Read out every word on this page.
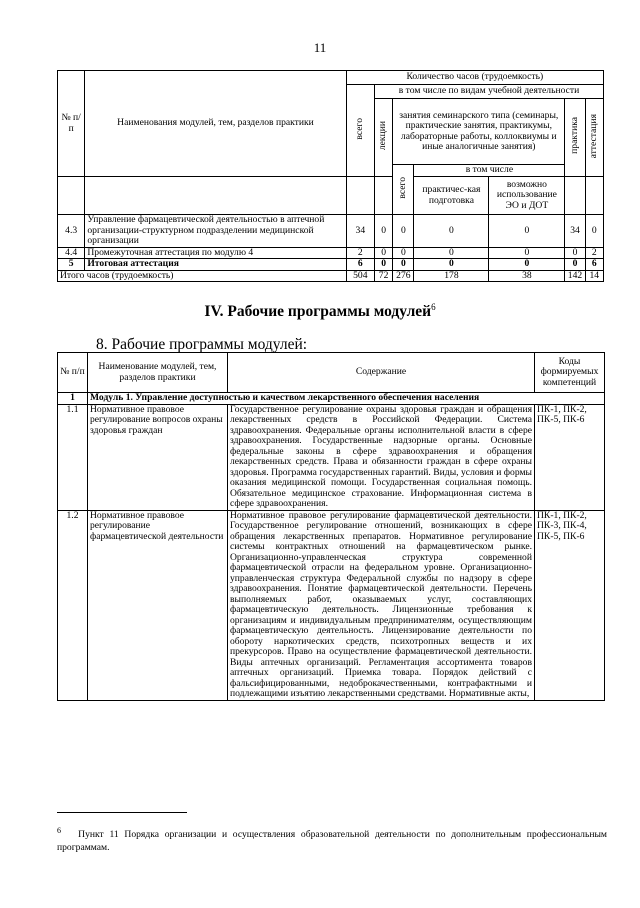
11
№ п/п	Наименования модулей, тем, разделов практики	Количество часов (трудоемкость)						
		всего	в том числе по видам учебной деятельности					
			лекции	занятия семинарского типа (семинары, практические занятия, практикумы, лабораторные работы, коллоквиумы и иные аналогичные занятия)			практика	аттестация
				всего	в том числе			
					практичес-кая подготовка	возможно использование ЭО и ДОТ		
4.3	Управление фармацевтической деятельностью в аптечной организации-структурном подразделении медицинской организации	34	0	0	0	0	34	0
4.4	Промежуточная аттестация по модулю 4	2	0	0	0	0	0	2
5	Итоговая аттестация	6	0	0	0	0	0	6
Итого часов (трудоемкость)		504	72	276	178	38	142	14
IV. Рабочие программы модулей$^6$
8. Рабочие программы модулей:
№ п/п	Наименование модулей, тем, разделов практики	Содержание	Коды формируемых компетенций
1	Модуль 1. Управление доступностью и качеством лекарственного обеспечения населения		
1.1	Нормативное правовое регулирование вопросов охраны здоровья граждан	Государственное регулирование охраны здоровья граждан и обращения лекарственных средств в Российской Федерации. Система здравоохранения. Федеральные органы исполнительной власти в сфере здравоохранения. Государственные надзорные органы. Основные федеральные законы в сфере здравоохранения и обращения лекарственных средств. Права и обязанности граждан в сфере охраны здоровья. Программа государственных гарантий. Виды, условия и формы оказания медицинской помощи. Государственная социальная помощь. Обязательное медицинское страхование. Информационная система в сфере здравоохранения.	ПК-1, ПК-2, ПК-5, ПК-6
1.2	Нормативное правовое регулирование фармацевтической деятельности	Нормативное правовое регулирование фармацевтической деятельности. Государственное регулирование отношений, возникающих в сфере обращения лекарственных препаратов. Нормативное регулирование системы контрактных отношений на фармацевтическом рынке. Организационно-управленческая структура современной фармацевтической отрасли на федеральном уровне. Организационно-управленческая структура Федеральной службы по надзору в сфере здравоохранения. Понятие фармацевтической деятельности. Перечень выполняемых работ, оказываемых услуг, составляющих фармацевтическую деятельность. Лицензионные требования к организациям и индивидуальным предпринимателям, осуществляющим фармацевтическую деятельность. Лицензирование деятельности по обороту наркотических средств, психотропных веществ и их прекурсоров. Право на осуществление фармацевтической деятельности. Виды аптечных организаций. Регламентация ассортимента товаров аптечных организаций. Приемка товара. Порядок действий с фальсифицированными, недоброкачественными, контрафактными и подлежащими изъятию лекарственными средствами. Нормативные акты,	ПК-1, ПК-2, ПК-3, ПК-4, ПК-5, ПК-6
$^6$ Пункт 11 Порядка организации и осуществления образовательной деятельности по дополнительным профессиональным программам.
